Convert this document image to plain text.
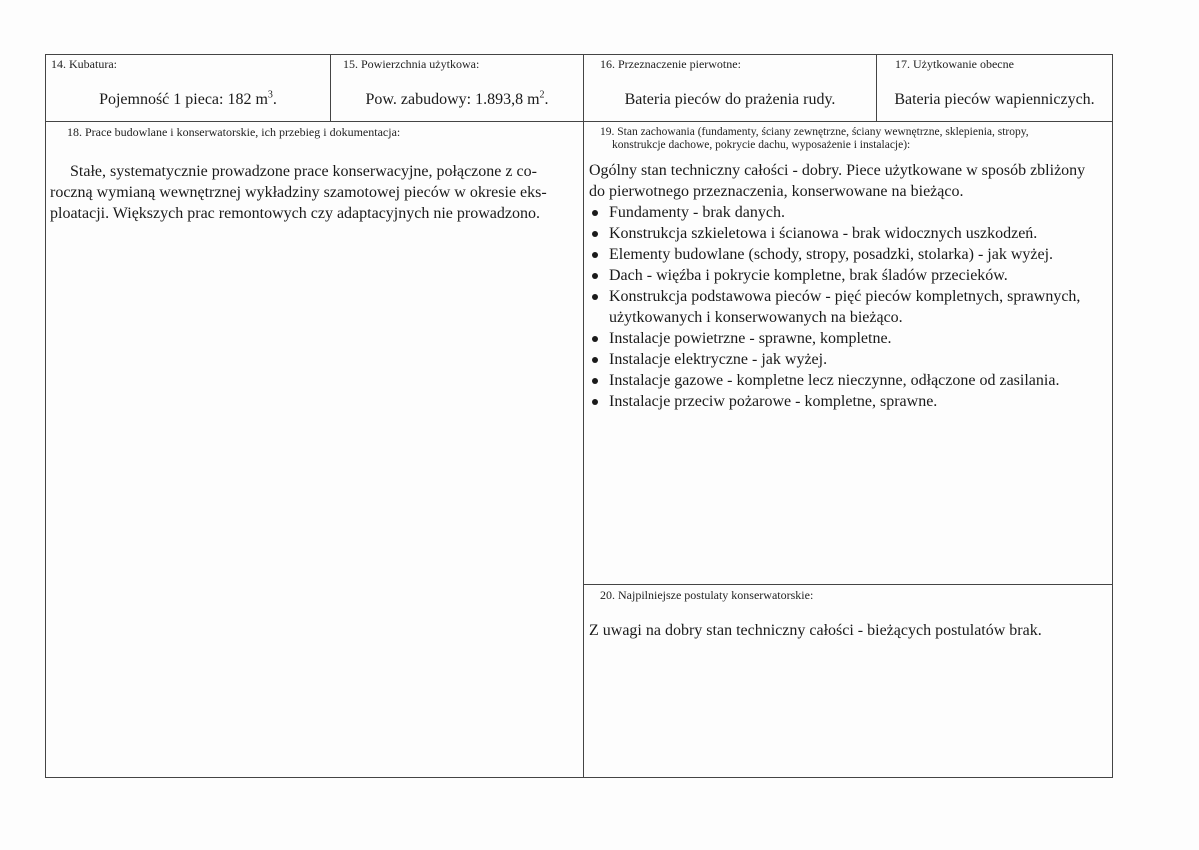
14. Kubatura:
Pojemność 1 pieca: 182 $m^3$.
15. Powierzchnia użytkowa:
Pow. zabudowy: 1.893,8 $m^2$.
16. Przeznaczenie pierwotne:
Bateria pieców do prażenia rudy.
17. Użytkowanie obecne
Bateria pieców wapienniczych.
18. Prace budowlane i konserwatorskie, ich przebieg i dokumentacja:
Stałe, systematycznie prowadzone prace konserwacyjne, połączone z co-
roczną wymianą wewnętrznej wykładziny szamotowej pieców w okresie eks-
ploatacji. Większych prac remontowych czy adaptacyjnych nie prowadzono.
19. Stan zachowania (fundamenty, ściany zewnętrzne, ściany wewnętrzne, sklepienia, stropy,
konstrukcje dachowe, pokrycie dachu, wyposażenie i instalacje):
Ogólny stan techniczny całości - dobry. Piece użytkowane w sposób zbliżony
do pierwotnego przeznaczenia, konserwowane na bieżąco.
Fundamenty - brak danych.
Konstrukcja szkieletowa i ścianowa - brak widocznych uszkodzeń.
Elementy budowlane (schody, stropy, posadzki, stolarka) - jak wyżej.
Dach - więźba i pokrycie kompletne, brak śladów przecieków.
Konstrukcja podstawowa pieców - pięć pieców kompletnych, sprawnych, użytkowanych i konserwowanych na bieżąco.
Instalacje powietrzne - sprawne, kompletne.
Instalacje elektryczne - jak wyżej.
Instalacje gazowe - kompletne lecz nieczynne, odłączone od zasilania.
Instalacje przeciw pożarowe - kompletne, sprawne.
20. Najpilniejsze postulaty konserwatorskie:
Z uwagi na dobry stan techniczny całości - bieżących postulatów brak.
